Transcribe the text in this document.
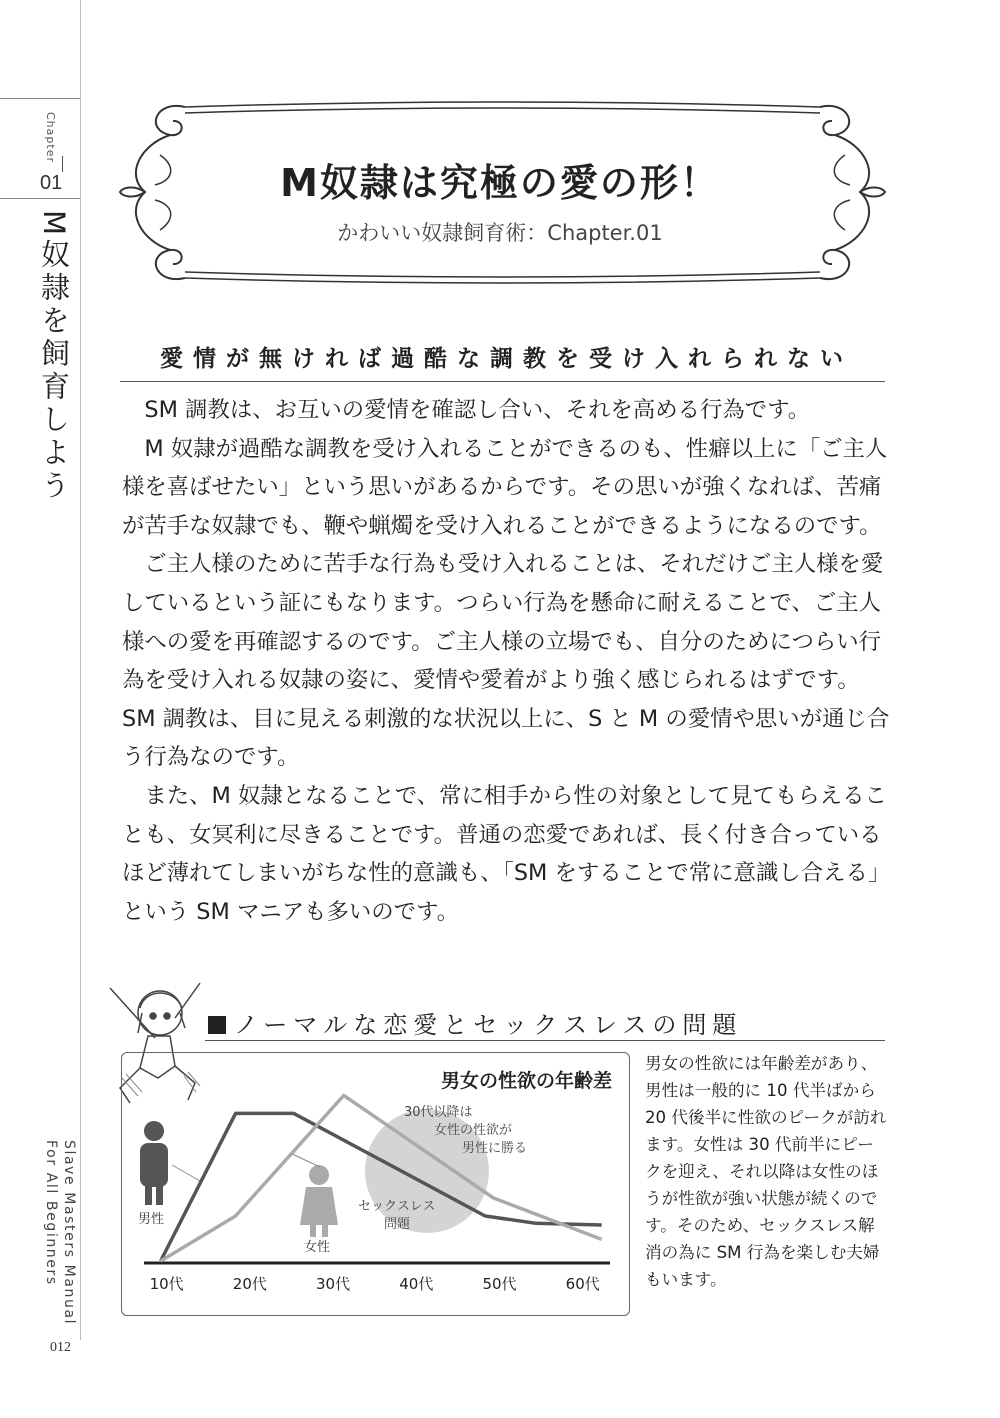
Chapter
01
M奴隷を飼育しよう
Slave Masters Manual
For All Beginners
012
M奴隷は究極の愛の形！
かわいい奴隷飼育術：Chapter.01
愛情が無ければ過酷な調教を受け入れられない

SM 調教は、お互いの愛情を確認し合い、それを高める行為です。

M 奴隷が過酷な調教を受け入れることができるのも、性癖以上に「ご主人様を喜ばせたい」という思いがあるからです。その思いが強くなれば、苦痛が苦手な奴隷でも、鞭や蝋燭を受け入れることができるようになるのです。

ご主人様のために苦手な行為も受け入れることは、それだけご主人様を愛しているという証にもなります。つらい行為を懸命に耐えることで、ご主人様への愛を再確認するのです。ご主人様の立場でも、自分のためにつらい行為を受け入れる奴隷の姿に、愛情や愛着がより強く感じられるはずです。SM 調教は、目に見える刺激的な状況以上に、S と M の愛情や思いが通じ合う行為なのです。

また、M 奴隷となることで、常に相手から性の対象として見てもらえることも、女冥利に尽きることです。普通の恋愛であれば、長く付き合っているほど薄れてしまいがちな性的意識も、「SM をすることで常に意識し合える」という SM マニアも多いのです。

ノーマルな恋愛とセックスレスの問題
10代	20代	30代	40代	50代	60代
男女の性欲の年齢差
30代以降は
女性の性欲が
男性に勝る
セックスレス
問題
男性
女性
男女の性欲には年齢差があり、男性は一般的に 10 代半ばから 20 代後半に性欲のピークが訪れます。女性は 30 代前半にピークを迎え、それ以降は女性のほうが性欲が強い状態が続くのです。そのため、セックスレス解消の為に SM 行為を楽しむ夫婦もいます。
